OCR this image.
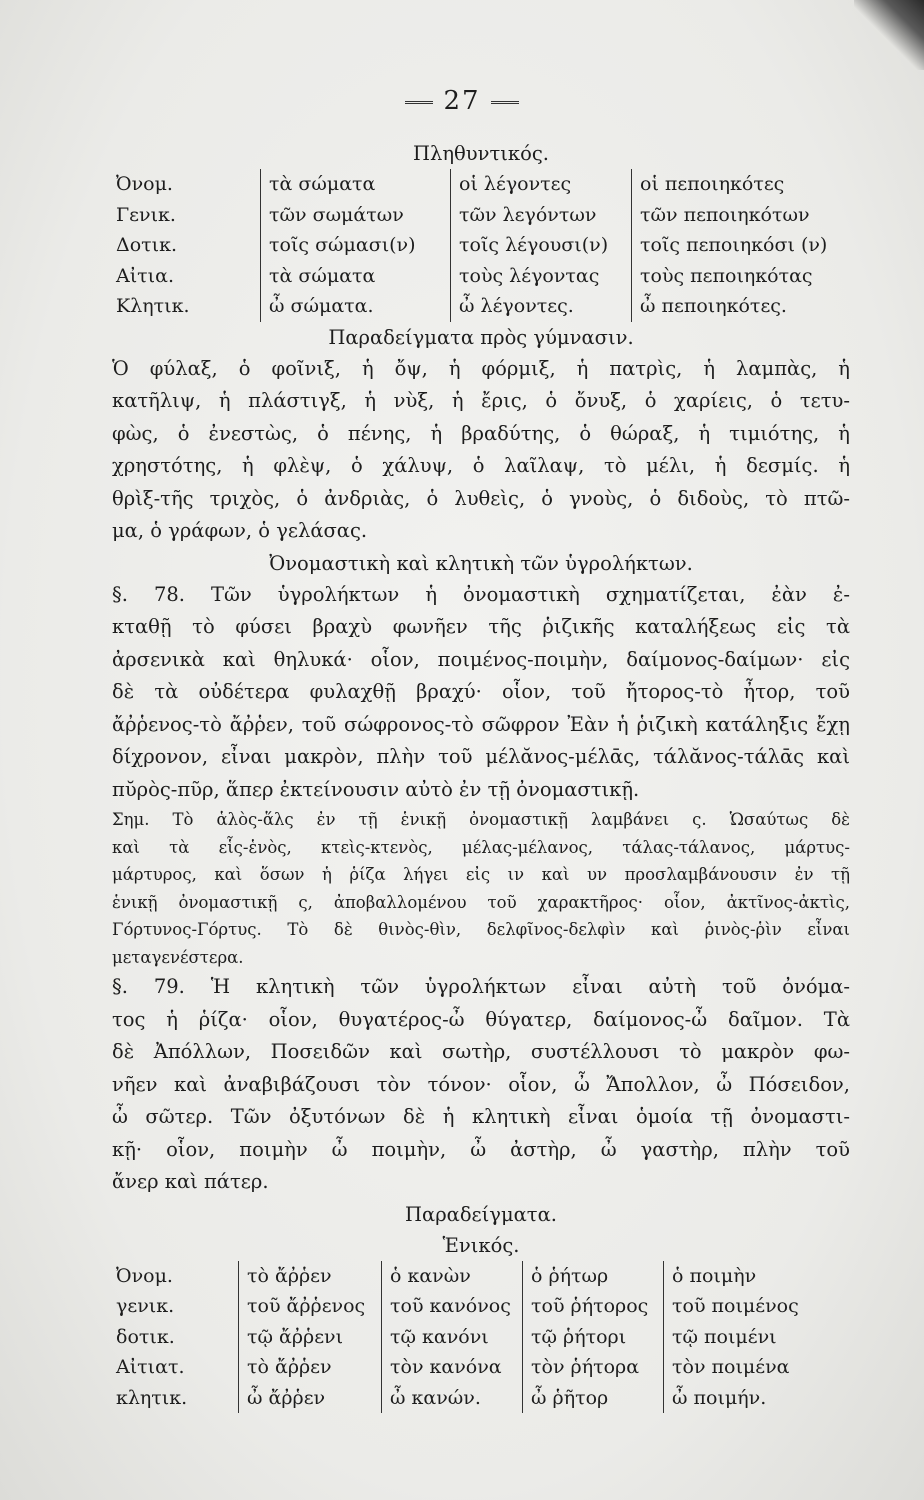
27
Πληθυντικός.
Ὀνομ.	τὰ σώματα	οἱ λέγοντες	οἱ πεποιηκότες
Γενικ.	τῶν σωμάτων	τῶν λεγόντων	τῶν πεποιηκότων
Δοτικ.	τοῖς σώμασι(ν)	τοῖς λέγουσι(ν)	τοῖς πεποιηκόσι (ν)
Αἰτια.	τὰ σώματα	τοὺς λέγοντας	τοὺς πεποιηκότας
Κλητικ.	ὦ σώματα.	ὦ λέγοντες.	ὦ πεποιηκότες.
Παραδείγματα πρὸς γύμνασιν.
Ὁ φύλαξ, ὁ φοῖνιξ, ἡ ὄψ, ἡ φόρμιξ, ἡ πατρὶς, ἡ λαμπὰς, ἡ
κατῆλιψ, ἡ πλάστιγξ, ἡ νὺξ, ἡ ἔρις, ὁ ὄνυξ, ὁ χαρίεις, ὁ τετυ-
φὼς, ὁ ἐνεστὼς, ὁ πένης, ἡ βραδύτης, ὁ θώραξ, ἡ τιμιότης, ἡ
χρηστότης, ἡ φλὲψ, ὁ χάλυψ, ὁ λαῖλαψ, τὸ μέλι, ἡ δεσμίς. ἡ
θρὶξ-τῆς τριχὸς, ὁ ἀνδριὰς, ὁ λυθεὶς, ὁ γνοὺς, ὁ διδοὺς, τὸ πτῶ-
μα, ὁ γράφων, ὁ γελάσας.
Ὀνομαστικὴ καὶ κλητικὴ τῶν ὑγρολήκτων.
§. 78. Τῶν ὑγρολήκτων ἡ ὀνομαστικὴ σχηματίζεται, ἐὰν ἐ-
κταθῇ τὸ φύσει βραχὺ φωνῆεν τῆς ῥιζικῆς καταλήξεως εἰς τὰ
ἀρσενικὰ καὶ θηλυκά· οἷον, ποιμένος-ποιμὴν, δαίμονος-δαίμων· εἰς
δὲ τὰ οὐδέτερα φυλαχθῇ βραχύ· οἷον, τοῦ ἤτορος-τὸ ἦτορ, τοῦ
ἄῤῥενος-τὸ ἄῤῥεν, τοῦ σώφρονος-τὸ σῶφρον Ἐὰν ἡ ῥιζικὴ κατάληξις ἔχῃ
δίχρονον, εἶναι μακρὸν, πλὴν τοῦ μέλᾰνος-μέλᾱς, τάλᾰνος-τάλᾱς καὶ
πῠρὸς-πῦρ, ἅπερ ἐκτείνουσιν αὐτὸ ἐν τῇ ὀνομαστικῇ.
Σημ. Τὸ ἁλὸς-ἅλς ἐν τῇ ἑνικῇ ὀνομαστικῇ λαμβάνει ς. Ὡσαύτως δὲ
καὶ τὰ εἷς-ἑνὸς, κτεὶς-κτενὸς, μέλας-μέλανος, τάλας-τάλανος, μάρτυς-
μάρτυρος, καὶ ὅσων ἡ ῥίζα λήγει εἰς ιν καὶ υν προσλαμβάνουσιν ἐν τῇ
ἑνικῇ ὀνομαστικῇ ς, ἀποβαλλομένου τοῦ χαρακτῆρος· οἷον, ἀκτῖνος-ἀκτὶς,
Γόρτυνος-Γόρτυς. Τὸ δὲ θινὸς-θὶν, δελφῖνος-δελφὶν καὶ ῥινὸς-ῥὶν εἶναι
μεταγενέστερα.
§. 79. Ἡ κλητικὴ τῶν ὑγρολήκτων εἶναι αὐτὴ τοῦ ὀνόμα-
τος ἡ ῥίζα· οἷον, θυγατέρος-ὦ θύγατερ, δαίμονος-ὦ δαῖμον. Τὰ
δὲ Ἀπόλλων, Ποσειδῶν καὶ σωτὴρ, συστέλλουσι τὸ μακρὸν φω-
νῆεν καὶ ἀναβιβάζουσι τὸν τόνον· οἷον, ὦ Ἄπολλον, ὦ Πόσειδον,
ὦ σῶτερ. Τῶν ὀξυτόνων δὲ ἡ κλητικὴ εἶναι ὁμοία τῇ ὀνομαστι-
κῇ· οἷον, ποιμὴν ὦ ποιμὴν, ὦ ἀστὴρ, ὦ γαστὴρ, πλὴν τοῦ
ἄνερ καὶ πάτερ.
Παραδείγματα.
Ἑνικός.
Ὀνομ.	τὸ ἄῤῥεν	ὁ κανὼν	ὁ ῥήτωρ	ὁ ποιμὴν
γενικ.	τοῦ ἄῤῥενος	τοῦ κανόνος	τοῦ ῥήτορος	τοῦ ποιμένος
δοτικ.	τῷ ἄῤῥενι	τῷ κανόνι	τῷ ῥήτορι	τῷ ποιμένι
Αἰτιατ.	τὸ ἄῤῥεν	τὸν κανόνα	τὸν ῥήτορα	τὸν ποιμένα
κλητικ.	ὦ ἄῤῥεν	ὦ κανών.	ὦ ῥῆτορ	ὦ ποιμήν.
